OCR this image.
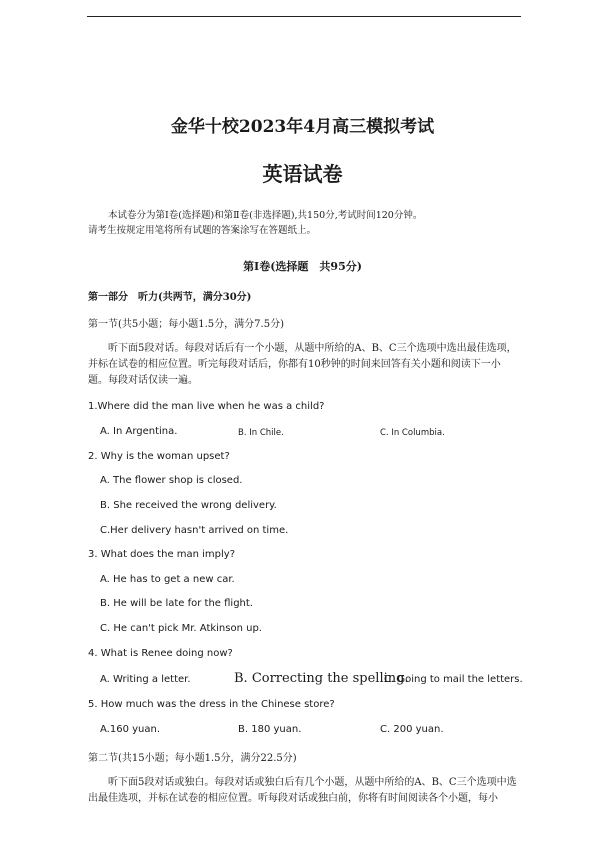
金华十校2023年4月高三模拟考试
英语试卷
本试卷分为第Ⅰ卷(选择题)和第Ⅱ卷(非选择题),共150分,考试时间120分钟。
请考生按规定用笔将所有试题的答案涂写在答题纸上。
第Ⅰ卷(选择题　共95分)
第一部分　听力(共两节，满分30分)
第一节(共5小题；每小题1.5分，满分7.5分)
听下面5段对话。每段对话后有一个小题，从题中所给的A、B、C三个选项中选出最佳选项，并标在试卷的相应位置。听完每段对话后，你都有10秒钟的时间来回答有关小题和阅读下一小题。每段对话仅读一遍。
1.Where did the man live when he was a child?
A. In Argentina.	B. In Chile.	C. In Columbia.
2. Why is the woman upset?
A. The flower shop is closed.
B. She received the wrong delivery.
C.Her delivery hasn't arrived on time.
3. What does the man imply?
A. He has to get a new car.
B. He will be late for the flight.
C. He can't pick Mr. Atkinson up.
4. What is Renee doing now?
A. Writing a letter.	B. Correcting the spelling.
C. Going to mail the letters.
5. How much was the dress in the Chinese store?
A.160 yuan.	B. 180 yuan.	C. 200 yuan.
第二节(共15小题；每小题1.5分，满分22.5分)
听下面5段对话或独白。每段对话或独白后有几个小题，从题中所给的A、B、C三个选项中选出最佳选项，并标在试卷的相应位置。听每段对话或独白前，你将有时间阅读各个小题，每小
